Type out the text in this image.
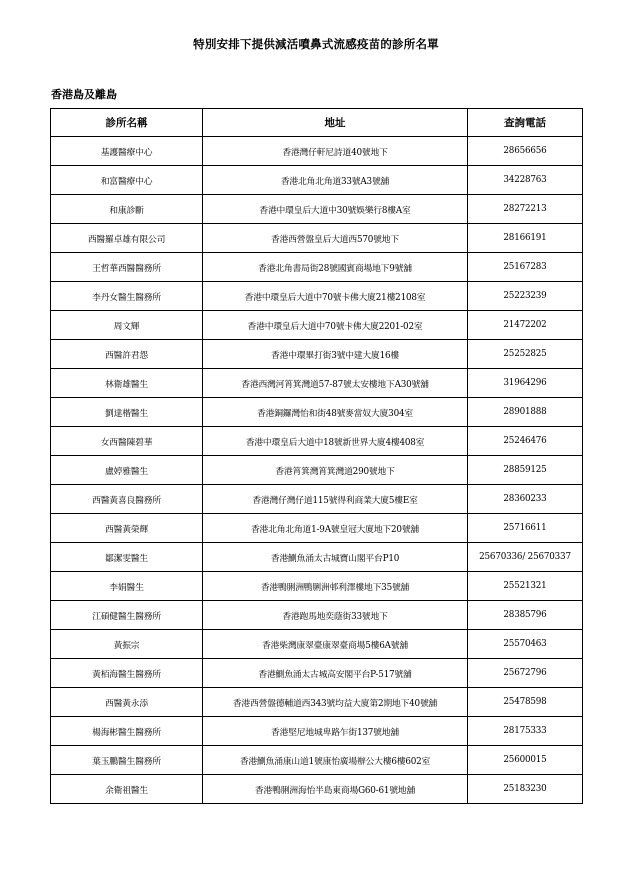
特別安排下提供減活噴鼻式流感疫苗的診所名單
香港島及離島
診所名稱	地址	查詢電話
基護醫療中心	香港灣仔軒尼詩道40號地下	28656656
和富醫療中心	香港北角北角道33號A3號舖	34228763
和康診斷	香港中環皇后大道中30號娛樂行8樓A室	28272213
西醫羅卓雄有限公司	香港西營盤皇后大道西570號地下	28166191
王哲華西醫醫務所	香港北角書局街28號國賓商場地下9號舖	25167283
李丹女醫生醫務所	香港中環皇后大道中70號卡佛大廈21樓2108室	25223239
周文輝	香港中環皇后大道中70號卡佛大廈2201-02室	21472202
西醫許君怨	香港中環畢打街3號中建大廈16樓	25252825
林衛雄醫生	香港西灣河筲箕灣道57-87號太安樓地下A30號舖	31964296
劉達楷醫生	香港銅鑼灣怡和街48號麥當奴大廈304室	28901888
女西醫陳碧華	香港中環皇后大道中18號新世界大廈4樓408室	25246476
盧婷雅醫生	香港筲箕灣筲箕灣道290號地下	28859125
西醫黃喜良醫務所	香港灣仔灣仔道115號得利商業大廈5樓E室	28360233
西醫黃榮輝	香港北角北角道1-9A號皇冠大廈地下20號舖	25716611
鄒潔雯醫生	香港鰂魚涌太古城寶山閣平台P10	25670336/ 25670337
李娟醫生	香港鴨脷洲鴨脷洲邨利澤樓地下35號舖	25521321
江碩健醫生醫務所	香港跑馬地奕蔭街33號地下	28385796
黃振宗	香港柴灣康翠臺康翠臺商場5樓6A號舖	25570463
黃栢海醫生醫務所	香港鰂魚涌太古城高安閣平台P-517號舖	25672796
西醫黃永添	香港西營盤德輔道西343號均益大廈第2期地下40號舖	25478598
楊海彬醫生醫務所	香港堅尼地城卑路乍街137號地舖	28175333
葉玉鵬醫生醫務所	香港鰂魚涌康山道1號康怡廣場辦公大樓6樓602室	25600015
余衛祖醫生	香港鴨脷洲海怡半島東商場G60-61號地舖	25183230
